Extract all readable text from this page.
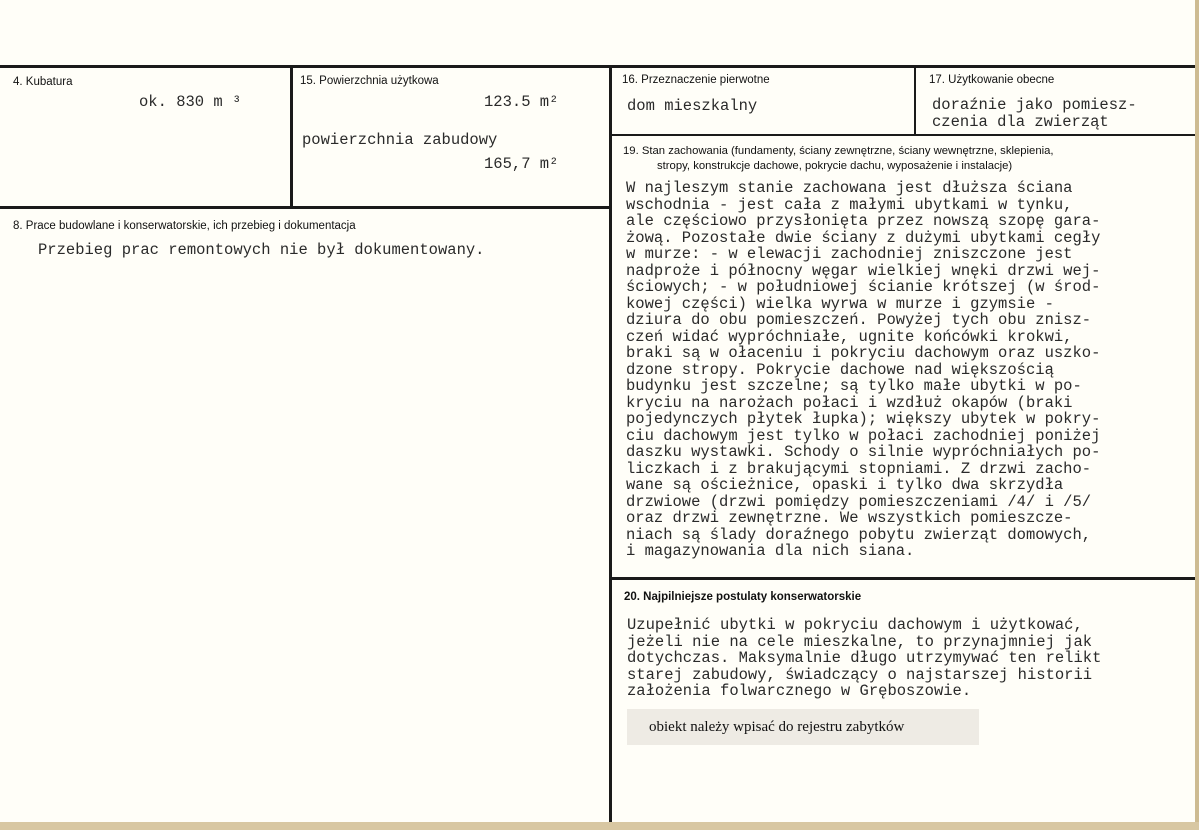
4. Kubatura
ok. 830 m ³
15. Powierzchnia użytkowa
123.5 m²
powierzchnia zabudowy
165,7 m²
16. Przeznaczenie pierwotne
dom mieszkalny
17. Użytkowanie obecne
doraźnie jako pomiesz-
czenia dla zwierząt
8. Prace budowlane i konserwatorskie, ich przebieg i dokumentacja
Przebieg prac remontowych nie był dokumentowany.
19. Stan zachowania (fundamenty, ściany zewnętrzne, ściany wewnętrzne, sklepienia,
stropy, konstrukcje dachowe, pokrycie dachu, wyposażenie i instalacje)
W najleszym stanie zachowana jest dłuższa ściana
wschodnia - jest cała z małymi ubytkami w tynku,
ale częściowo przysłonięta przez nowszą szopę gara-
żową. Pozostałe dwie ściany z dużymi ubytkami cegły
w murze: - w elewacji zachodniej zniszczone jest
nadproże i północny węgar wielkiej wnęki drzwi wej-
ściowych; - w południowej ścianie krótszej (w środ-
kowej części) wielka wyrwa w murze i gzymsie -
dziura do obu pomieszczeń. Powyżej tych obu znisz-
czeń widać wypróchniałe, ugnite końcówki krokwi,
braki są w ołaceniu i pokryciu dachowym oraz uszko-
dzone stropy. Pokrycie dachowe nad większością
budynku jest szczelne; są tylko małe ubytki w po-
kryciu na narożach połaci i wzdłuż okapów (braki
pojedynczych płytek łupka); większy ubytek w pokry-
ciu dachowym jest tylko w połaci zachodniej poniżej
daszku wystawki. Schody o silnie wypróchniałych po-
liczkach i z brakującymi stopniami. Z drzwi zacho-
wane są ościeżnice, opaski i tylko dwa skrzydła
drzwiowe (drzwi pomiędzy pomieszczeniami /4/ i /5/
oraz drzwi zewnętrzne. We wszystkich pomieszcze-
niach są ślady doraźnego pobytu zwierząt domowych,
i magazynowania dla nich siana.
20. Najpilniejsze postulaty konserwatorskie
Uzupełnić ubytki w pokryciu dachowym i użytkować,
jeżeli nie na cele mieszkalne, to przynajmniej jak
dotychczas. Maksymalnie długo utrzymywać ten relikt
starej zabudowy, świadczący o najstarszej historii
założenia folwarcznego w Gręboszowie.
obiekt należy wpisać do rejestru zabytków
